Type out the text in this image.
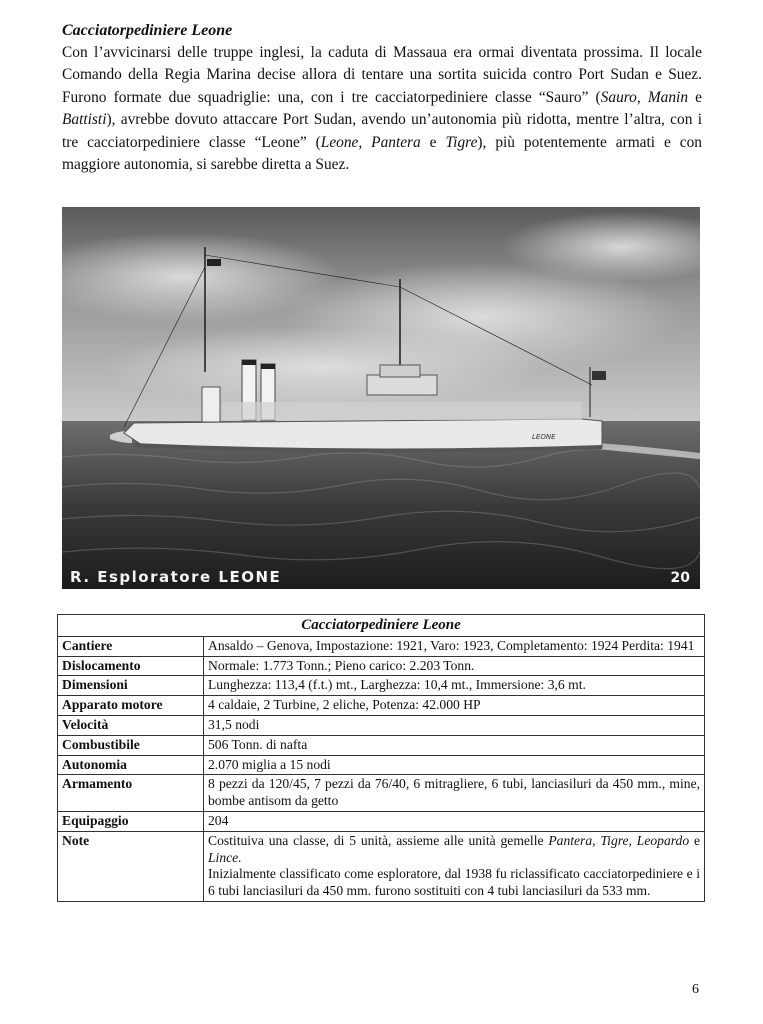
Cacciatorpediniere Leone

Con l’avvicinarsi delle truppe inglesi, la caduta di Massaua era ormai diventata prossima. Il locale Comando della Regia Marina decise allora di tentare una sortita suicida contro Port Sudan e Suez. Furono formate due squadriglie: una, con i tre cacciatorpediniere classe “Sauro” (Sauro, Manin e Battisti), avrebbe dovuto attaccare Port Sudan, avendo un’autonomia più ridotta, mentre l’altra, con i tre cacciatorpediniere classe “Leone” (Leone, Pantera e Tigre), più potentemente armati e con maggiore autonomia, si sarebbe diretta a Suez.

LEONE
R. Esploratore LEONE	20
Cacciatorpediniere Leone	
Cantiere	Ansaldo – Genova, Impostazione: 1921, Varo: 1923, Completamento: 1924 Perdita: 1941
Dislocamento	Normale: 1.773 Tonn.; Pieno carico: 2.203 Tonn.
Dimensioni	Lunghezza: 113,4 (f.t.) mt., Larghezza: 10,4 mt., Immersione: 3,6 mt.
Apparato motore	4 caldaie, 2 Turbine, 2 eliche, Potenza: 42.000 HP
Velocità	31,5 nodi
Combustibile	506 Tonn. di nafta
Autonomia	2.070 miglia a 15 nodi
Armamento	8 pezzi da 120/45, 7 pezzi da 76/40, 6 mitragliere, 6 tubi, lanciasiluri da 450 mm., mine, bombe antisom da getto
Equipaggio	204
Note	Costituiva una classe, di 5 unità, assieme alle unità gemelle Pantera, Tigre, Leopardo e Lince.
Inizialmente classificato come esploratore, dal 1938 fu riclassificato cacciatorpediniere e i 6 tubi lanciasiluri da 450 mm. furono sostituiti con 4 tubi lanciasiluri da 533 mm.
6
